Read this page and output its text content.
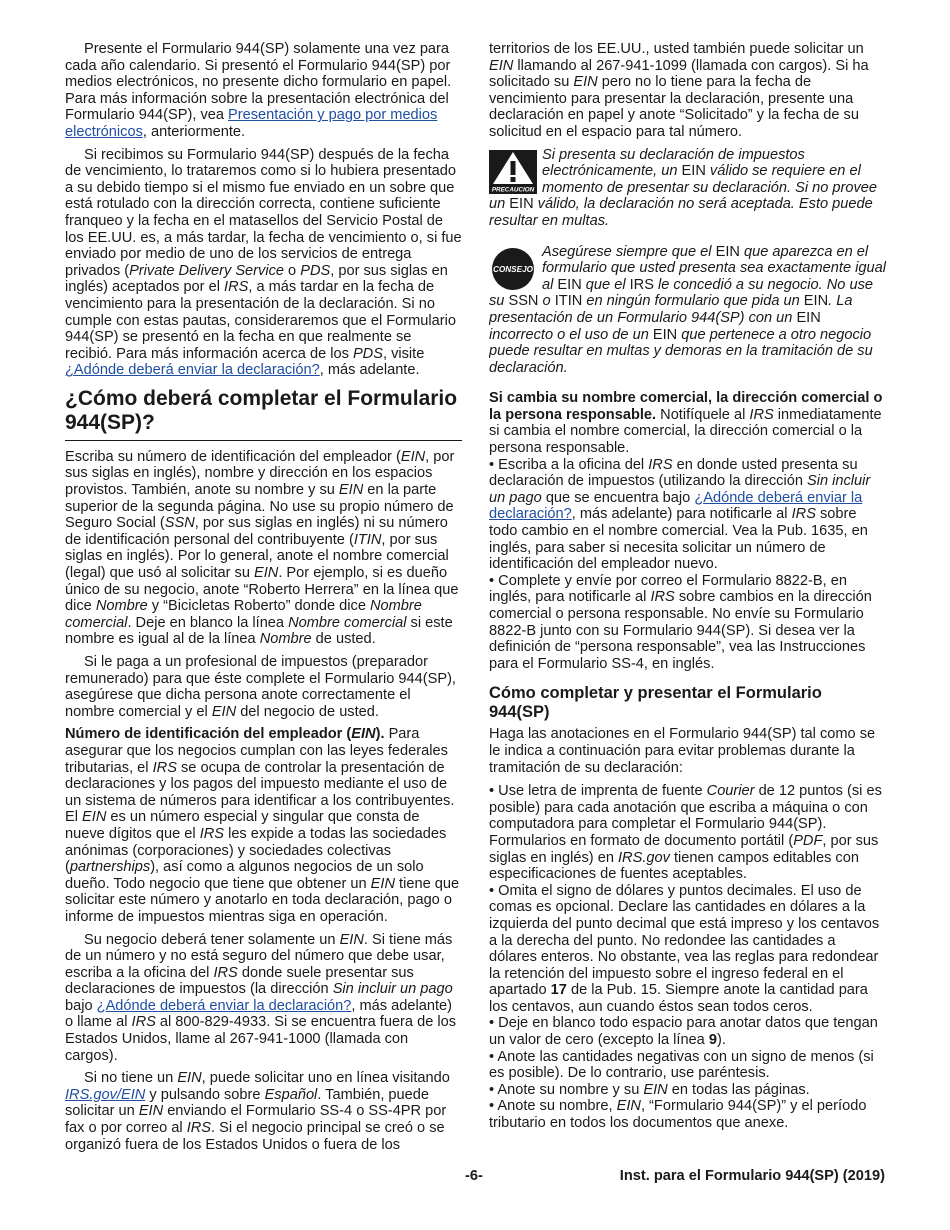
Presente el Formulario 944(SP) solamente una vez para cada año calendario. Si presentó el Formulario 944(SP) por medios electrónicos, no presente dicho formulario en papel. Para más información sobre la presentación electrónica del Formulario 944(SP), vea Presentación y pago por medios electrónicos, anteriormente.

Si recibimos su Formulario 944(SP) después de la fecha de vencimiento, lo trataremos como si lo hubiera presentado a su debido tiempo si el mismo fue enviado en un sobre que está rotulado con la dirección correcta, contiene suficiente franqueo y la fecha en el matasellos del Servicio Postal de los EE.UU. es, a más tardar, la fecha de vencimiento o, si fue enviado por medio de uno de los servicios de entrega privados (Private Delivery Service o PDS, por sus siglas en inglés) aceptados por el IRS, a más tardar en la fecha de vencimiento para la presentación de la declaración. Si no cumple con estas pautas, consideraremos que el Formulario 944(SP) se presentó en la fecha en que realmente se recibió. Para más información acerca de los PDS, visite ¿Adónde deberá enviar la declaración?, más adelante.

¿Cómo deberá completar el Formulario 944(SP)?

Escriba su número de identificación del empleador (EIN, por sus siglas en inglés), nombre y dirección en los espacios provistos. También, anote su nombre y su EIN en la parte superior de la segunda página. No use su propio número de Seguro Social (SSN, por sus siglas en inglés) ni su número de identificación personal del contribuyente (ITIN, por sus siglas en inglés). Por lo general, anote el nombre comercial (legal) que usó al solicitar su EIN. Por ejemplo, si es dueño único de su negocio, anote “Roberto Herrera” en la línea que dice Nombre y “Bicicletas Roberto” donde dice Nombre comercial. Deje en blanco la línea Nombre comercial si este nombre es igual al de la línea Nombre de usted.

Si le paga a un profesional de impuestos (preparador remunerado) para que éste complete el Formulario 944(SP), asegúrese que dicha persona anote correctamente el nombre comercial y el EIN del negocio de usted.

Número de identificación del empleador (EIN). Para asegurar que los negocios cumplan con las leyes federales tributarias, el IRS se ocupa de controlar la presentación de declaraciones y los pagos del impuesto mediante el uso de un sistema de números para identificar a los contribuyentes. El EIN es un número especial y singular que consta de nueve dígitos que el IRS les expide a todas las sociedades anónimas (corporaciones) y sociedades colectivas (partnerships), así como a algunos negocios de un solo dueño. Todo negocio que tiene que obtener un EIN tiene que solicitar este número y anotarlo en toda declaración, pago o informe de impuestos mientras siga en operación.

Su negocio deberá tener solamente un EIN. Si tiene más de un número y no está seguro del número que debe usar, escriba a la oficina del IRS donde suele presentar sus declaraciones de impuestos (la dirección Sin incluir un pago bajo ¿Adónde deberá enviar la declaración?, más adelante) o llame al IRS al 800-829-4933. Si se encuentra fuera de los Estados Unidos, llame al 267-941-1000 (llamada con cargos).

Si no tiene un EIN, puede solicitar uno en línea visitando IRS.gov/EIN y pulsando sobre Español. También, puede solicitar un EIN enviando el Formulario SS-4 o SS-4PR por fax o por correo al IRS. Si el negocio principal se creó o se organizó fuera de los Estados Unidos o fuera de los

territorios de los EE.UU., usted también puede solicitar un EIN llamando al 267-941-1099 (llamada con cargos). Si ha solicitado su EIN pero no lo tiene para la fecha de vencimiento para presentar la declaración, presente una declaración en papel y anote “Solicitado” y la fecha de su solicitud en el espacio para tal número.

PRECAUCION
Si presenta su declaración de impuestos electrónicamente, un EIN válido se requiere en el momento de presentar su declaración. Si no provee un EIN válido, la declaración no será aceptada. Esto puede resultar en multas.
CONSEJO
Asegúrese siempre que el EIN que aparezca en el formulario que usted presenta sea exactamente igual al EIN que el IRS le concedió a su negocio. No use su SSN o ITIN en ningún formulario que pida un EIN. La presentación de un Formulario 944(SP) con un EIN incorrecto o el uso de un EIN que pertenece a otro negocio puede resultar en multas y demoras en la tramitación de su declaración.

Si cambia su nombre comercial, la dirección comercial o la persona responsable. Notifíquele al IRS inmediatamente si cambia el nombre comercial, la dirección comercial o la persona responsable.

• Escriba a la oficina del IRS en donde usted presenta su declaración de impuestos (utilizando la dirección Sin incluir un pago que se encuentra bajo ¿Adónde deberá enviar la declaración?, más adelante) para notificarle al IRS sobre todo cambio en el nombre comercial. Vea la Pub. 1635, en inglés, para saber si necesita solicitar un número de identificación del empleador nuevo.

• Complete y envíe por correo el Formulario 8822-B, en inglés, para notificarle al IRS sobre cambios en la dirección comercial o persona responsable. No envíe su Formulario 8822-B junto con su Formulario 944(SP). Si desea ver la definición de “persona responsable”, vea las Instrucciones para el Formulario SS-4, en inglés.

Cómo completar y presentar el Formulario 944(SP)

Haga las anotaciones en el Formulario 944(SP) tal como se le indica a continuación para evitar problemas durante la tramitación de su declaración:

• Use letra de imprenta de fuente Courier de 12 puntos (si es posible) para cada anotación que escriba a máquina o con computadora para completar el Formulario 944(SP). Formularios en formato de documento portátil (PDF, por sus siglas en inglés) en IRS.gov tienen campos editables con especificaciones de fuentes aceptables.

• Omita el signo de dólares y puntos decimales. El uso de comas es opcional. Declare las cantidades en dólares a la izquierda del punto decimal que está impreso y los centavos a la derecha del punto. No redondee las cantidades a dólares enteros. No obstante, vea las reglas para redondear la retención del impuesto sobre el ingreso federal en el apartado 17 de la Pub. 15. Siempre anote la cantidad para los centavos, aun cuando éstos sean todos ceros.

• Deje en blanco todo espacio para anotar datos que tengan un valor de cero (excepto la línea 9).

• Anote las cantidades negativas con un signo de menos (si es posible). De lo contrario, use paréntesis.

• Anote su nombre y su EIN en todas las páginas.

• Anote su nombre, EIN, “Formulario 944(SP)” y el período tributario en todos los documentos que anexe.

-6-	Inst. para el Formulario 944(SP) (2019)
